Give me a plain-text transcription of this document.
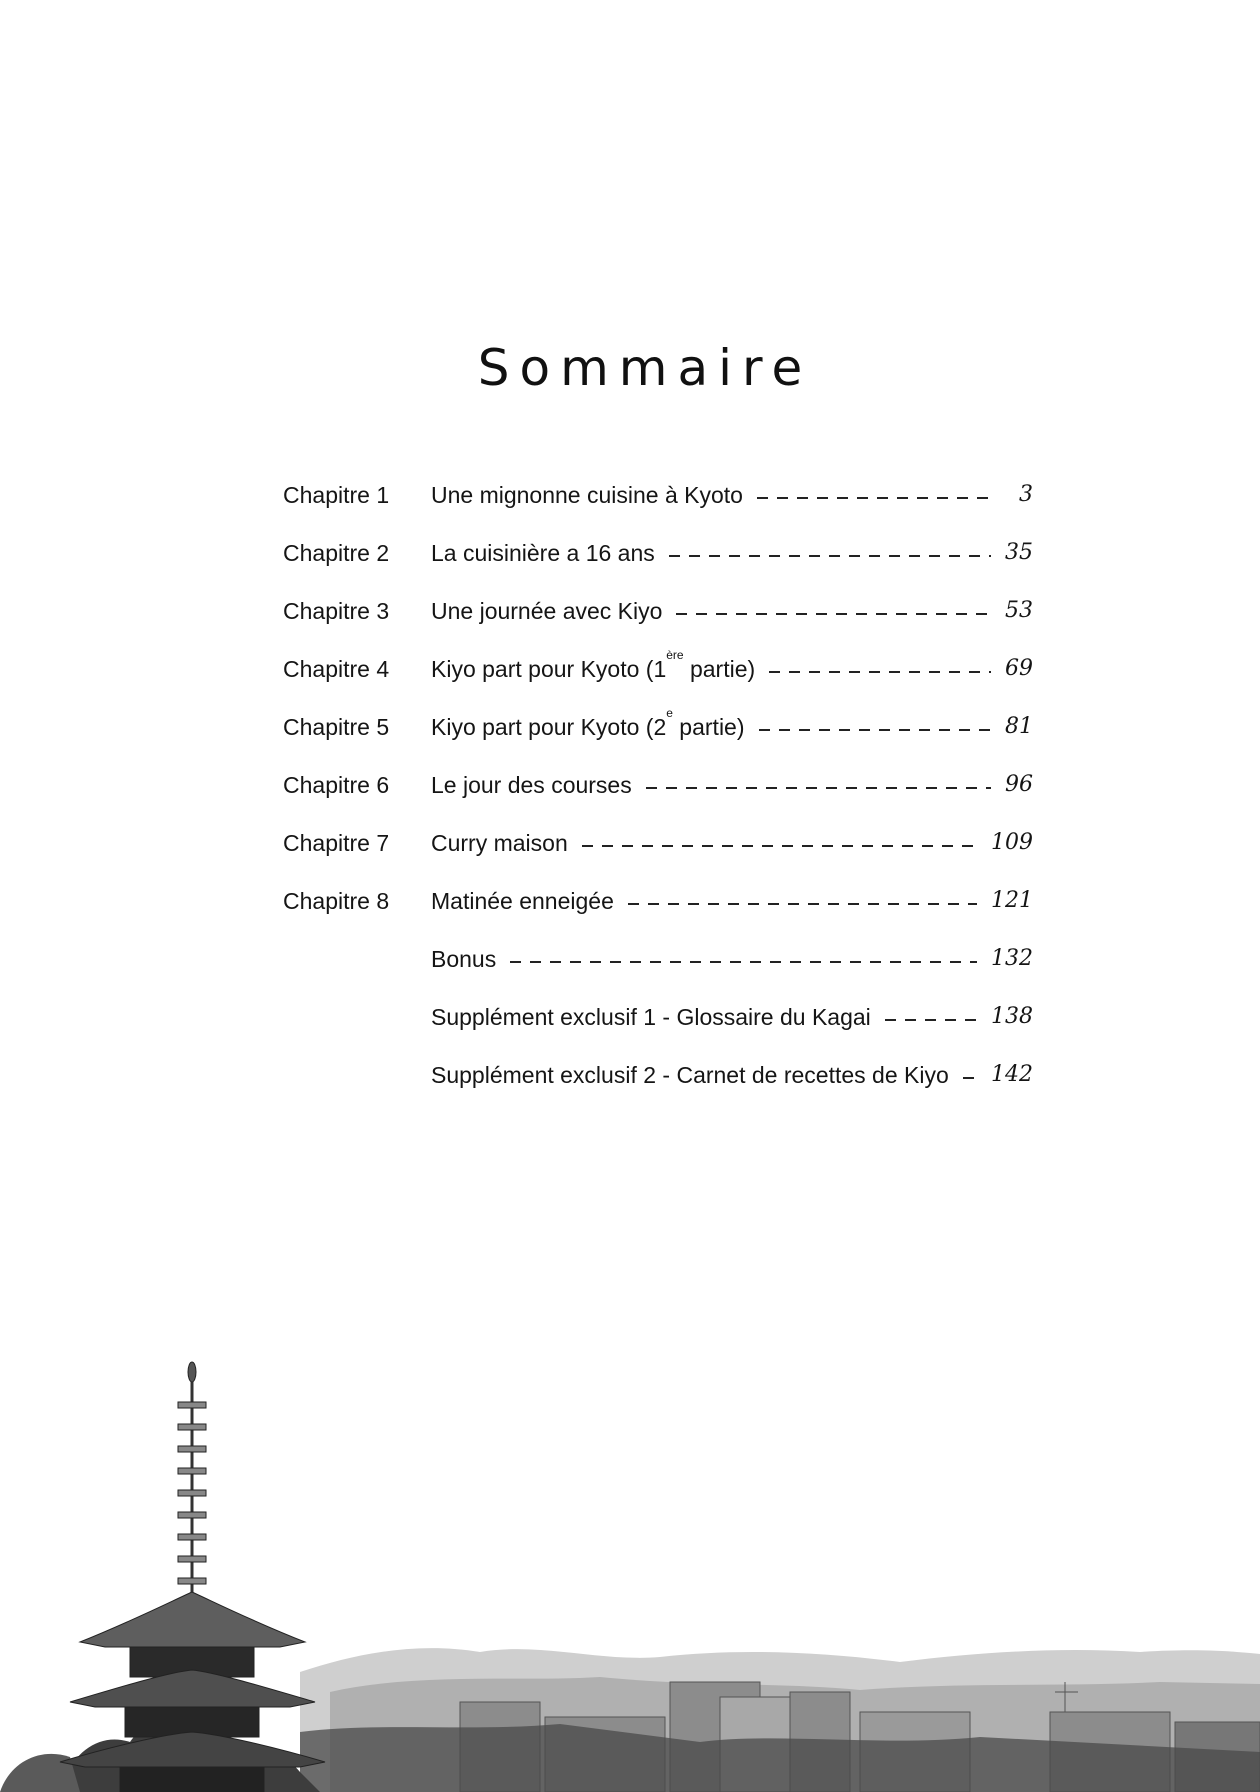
Sommaire
Chapitre 1 Une mignonne cuisine à Kyoto	3
Chapitre 2 La cuisinière a 16 ans	35
Chapitre 3 Une journée avec Kiyo	53
Chapitre 4 Kiyo part pour Kyoto (1ère partie)	69
Chapitre 5 Kiyo part pour Kyoto (2e partie)	81
Chapitre 6 Le jour des courses	96
Chapitre 7 Curry maison	109
Chapitre 8 Matinée enneigée	121
Bonus	132
Supplément exclusif 1 - Glossaire du Kagai	138
Supplément exclusif 2 - Carnet de recettes de Kiyo 142
